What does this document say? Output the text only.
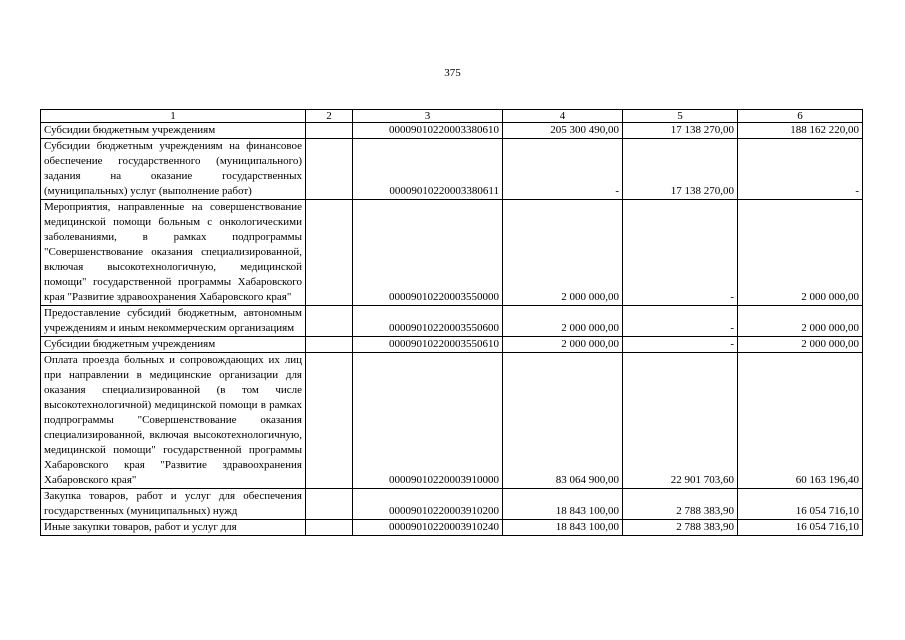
375
1	2	3	4	5	6
Субсидии бюджетным учреждениям		00009010220003380610	205 300 490,00	17 138 270,00	188 162 220,00
Субсидии бюджетным учреждениям на финансовое обеспечение государственного (муниципального) задания на оказание государственных (муниципальных) услуг (выполнение работ)		00009010220003380611	-	17 138 270,00	-
Мероприятия, направленные на совершенствование медицинской помощи больным с онкологическими заболеваниями, в рамках подпрограммы "Совершенствование оказания специализированной, включая высокотехнологичную, медицинской помощи" государственной программы Хабаровского края "Развитие здравоохранения Хабаровского края"		00009010220003550000	2 000 000,00	-	2 000 000,00
Предоставление субсидий бюджетным, автономным учреждениям и иным некоммерческим организациям		00009010220003550600	2 000 000,00	-	2 000 000,00
Субсидии бюджетным учреждениям		00009010220003550610	2 000 000,00	-	2 000 000,00
Оплата проезда больных и сопровождающих их лиц при направлении в медицинские организации для оказания специализированной (в том числе высокотехнологичной) медицинской помощи в рамках подпрограммы "Совершенствование оказания специализированной, включая высокотехнологичную, медицинской помощи" государственной программы Хабаровского края "Развитие здравоохранения Хабаровского края"		00009010220003910000	83 064 900,00	22 901 703,60	60 163 196,40
Закупка товаров, работ и услуг для обеспечения государственных (муниципальных) нужд		00009010220003910200	18 843 100,00	2 788 383,90	16 054 716,10
Иные закупки товаров, работ и услуг для		00009010220003910240	18 843 100,00	2 788 383,90	16 054 716,10
